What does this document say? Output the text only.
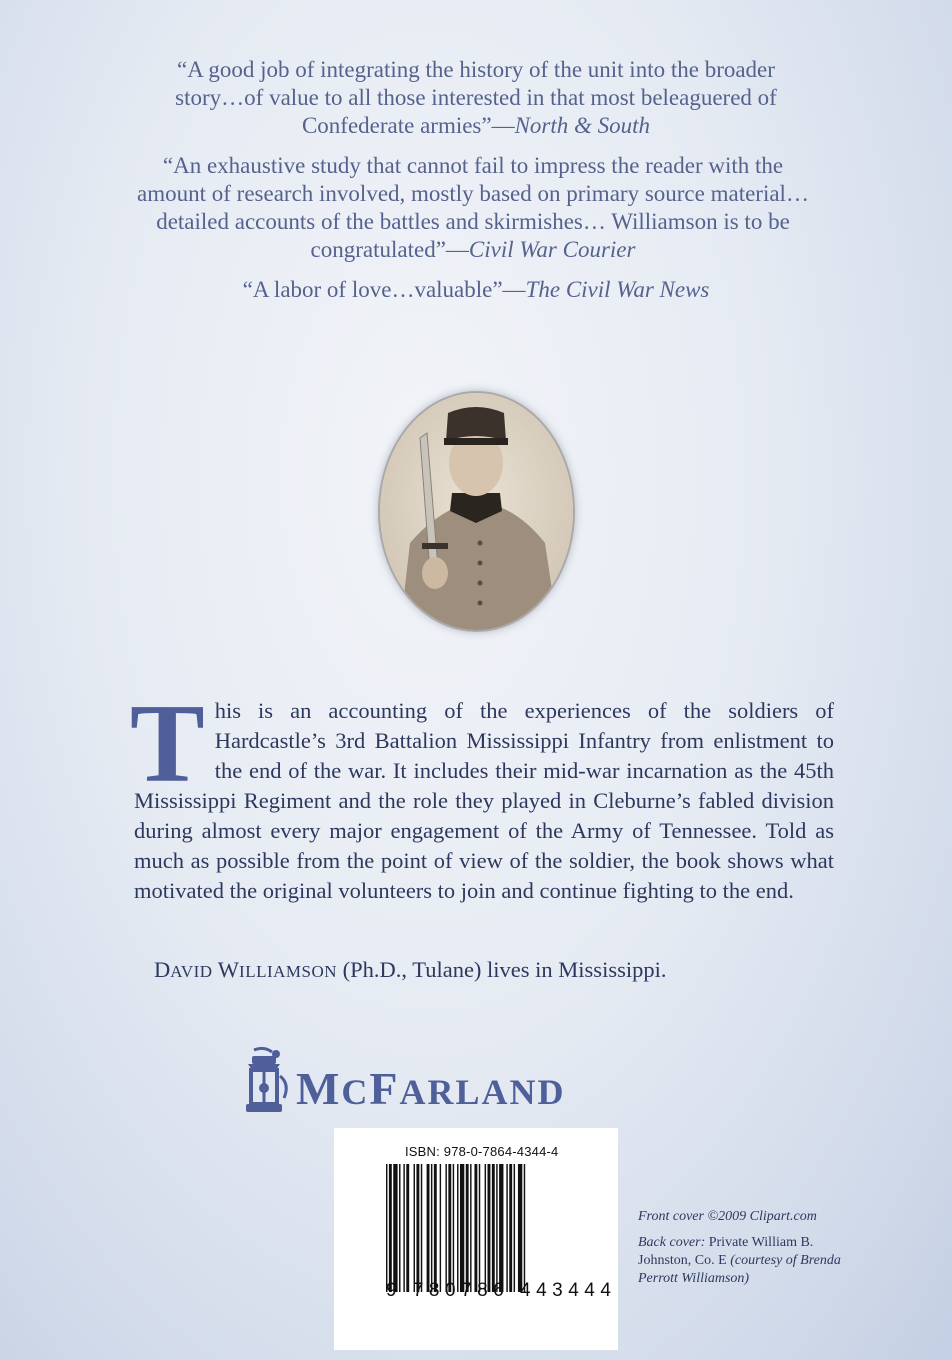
“A good job of integrating the history of the unit into the broader story…of value to all those interested in that most beleaguered of Confederate armies”—North & South

“An exhaustive study that cannot fail to impress the reader with the amount of research involved, mostly based on primary source material…detailed accounts of the battles and skirmishes… Williamson is to be congratulated”—Civil War Courier

“A labor of love…valuable”—The Civil War News

This is an accounting of the experiences of the soldiers of Hardcastle’s 3rd Battalion Mississippi Infantry from enlistment to the end of the war. It includes their mid-war incarnation as the 45th Mississippi Regiment and the role they played in Cleburne’s fabled division during almost every major engagement of the Army of Tennessee. Told as much as possible from the point of view of the soldier, the book shows what motivated the original volunteers to join and continue fighting to the end.
DAVID WILLIAMSON (Ph.D., Tulane) lives in Mississippi.
MCFARLAND
ISBN: 978-0-7864-4344-4
9 780786 443444

Front cover ©2009 Clipart.com

Back cover: Private William B. Johnston, Co. E (courtesy of Brenda Perrott Williamson)
